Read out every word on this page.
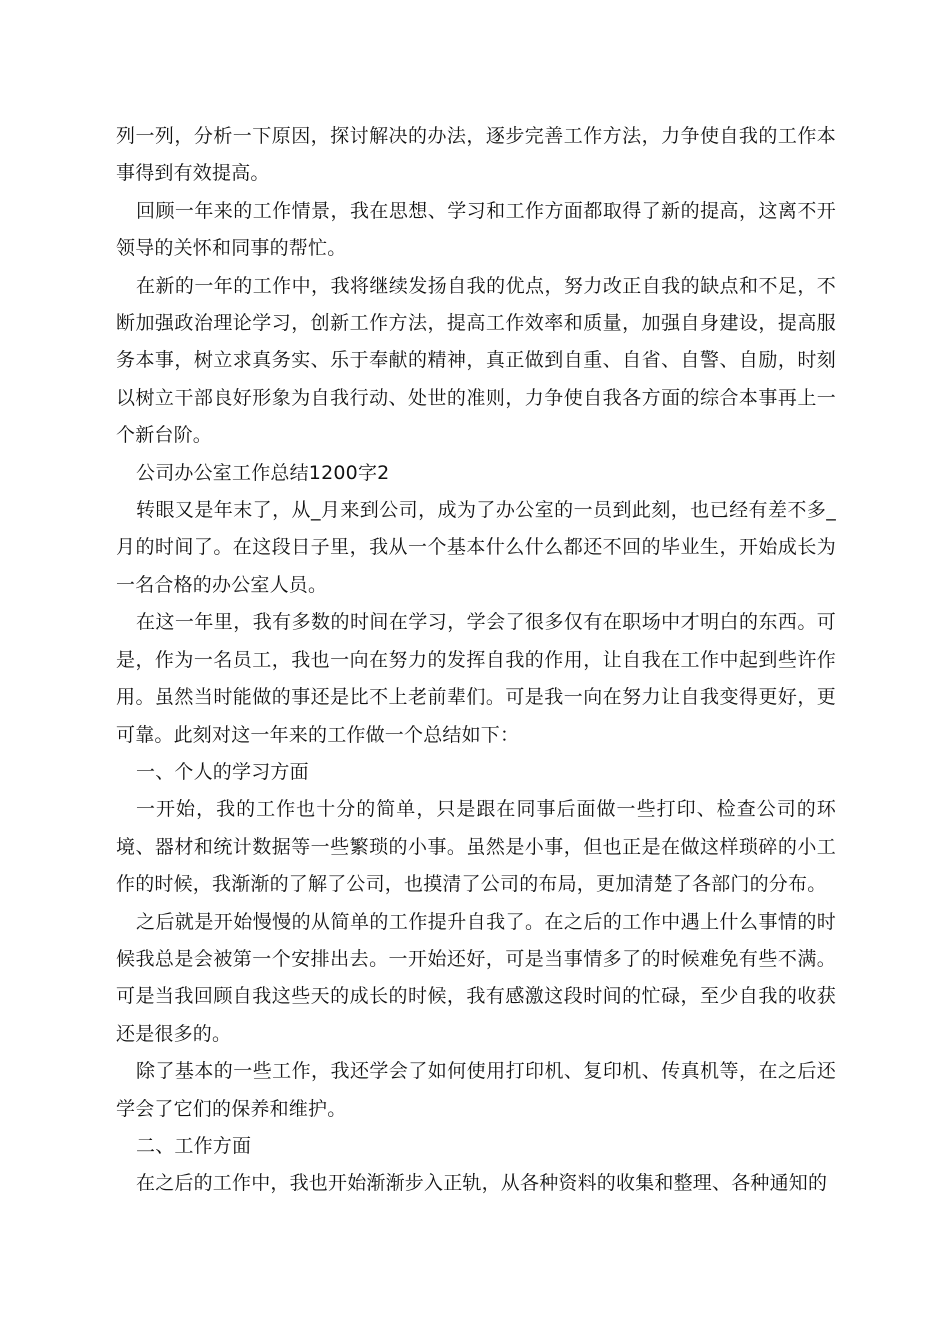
列一列，分析一下原因，探讨解决的办法，逐步完善工作方法，力争使自我的工作本事得到有效提高。

回顾一年来的工作情景，我在思想、学习和工作方面都取得了新的提高，这离不开领导的关怀和同事的帮忙。

在新的一年的工作中，我将继续发扬自我的优点，努力改正自我的缺点和不足，不断加强政治理论学习，创新工作方法，提高工作效率和质量，加强自身建设，提高服务本事，树立求真务实、乐于奉献的精神，真正做到自重、自省、自警、自励，时刻以树立干部良好形象为自我行动、处世的准则，力争使自我各方面的综合本事再上一个新台阶。

公司办公室工作总结1200字2

转眼又是年末了，从_月来到公司，成为了办公室的一员到此刻，也已经有差不多_月的时间了。在这段日子里，我从一个基本什么什么都还不回的毕业生，开始成长为一名合格的办公室人员。

在这一年里，我有多数的时间在学习，学会了很多仅有在职场中才明白的东西。可是，作为一名员工，我也一向在努力的发挥自我的作用，让自我在工作中起到些许作用。虽然当时能做的事还是比不上老前辈们。可是我一向在努力让自我变得更好，更可靠。此刻对这一年来的工作做一个总结如下：

一、个人的学习方面

一开始，我的工作也十分的简单，只是跟在同事后面做一些打印、检查公司的环境、器材和统计数据等一些繁琐的小事。虽然是小事，但也正是在做这样琐碎的小工作的时候，我渐渐的了解了公司，也摸清了公司的布局，更加清楚了各部门的分布。

之后就是开始慢慢的从简单的工作提升自我了。在之后的工作中遇上什么事情的时候我总是会被第一个安排出去。一开始还好，可是当事情多了的时候难免有些不满。可是当我回顾自我这些天的成长的时候，我有感激这段时间的忙碌，至少自我的收获还是很多的。

除了基本的一些工作，我还学会了如何使用打印机、复印机、传真机等，在之后还学会了它们的保养和维护。

二、工作方面

在之后的工作中，我也开始渐渐步入正轨，从各种资料的收集和整理、各种通知的
